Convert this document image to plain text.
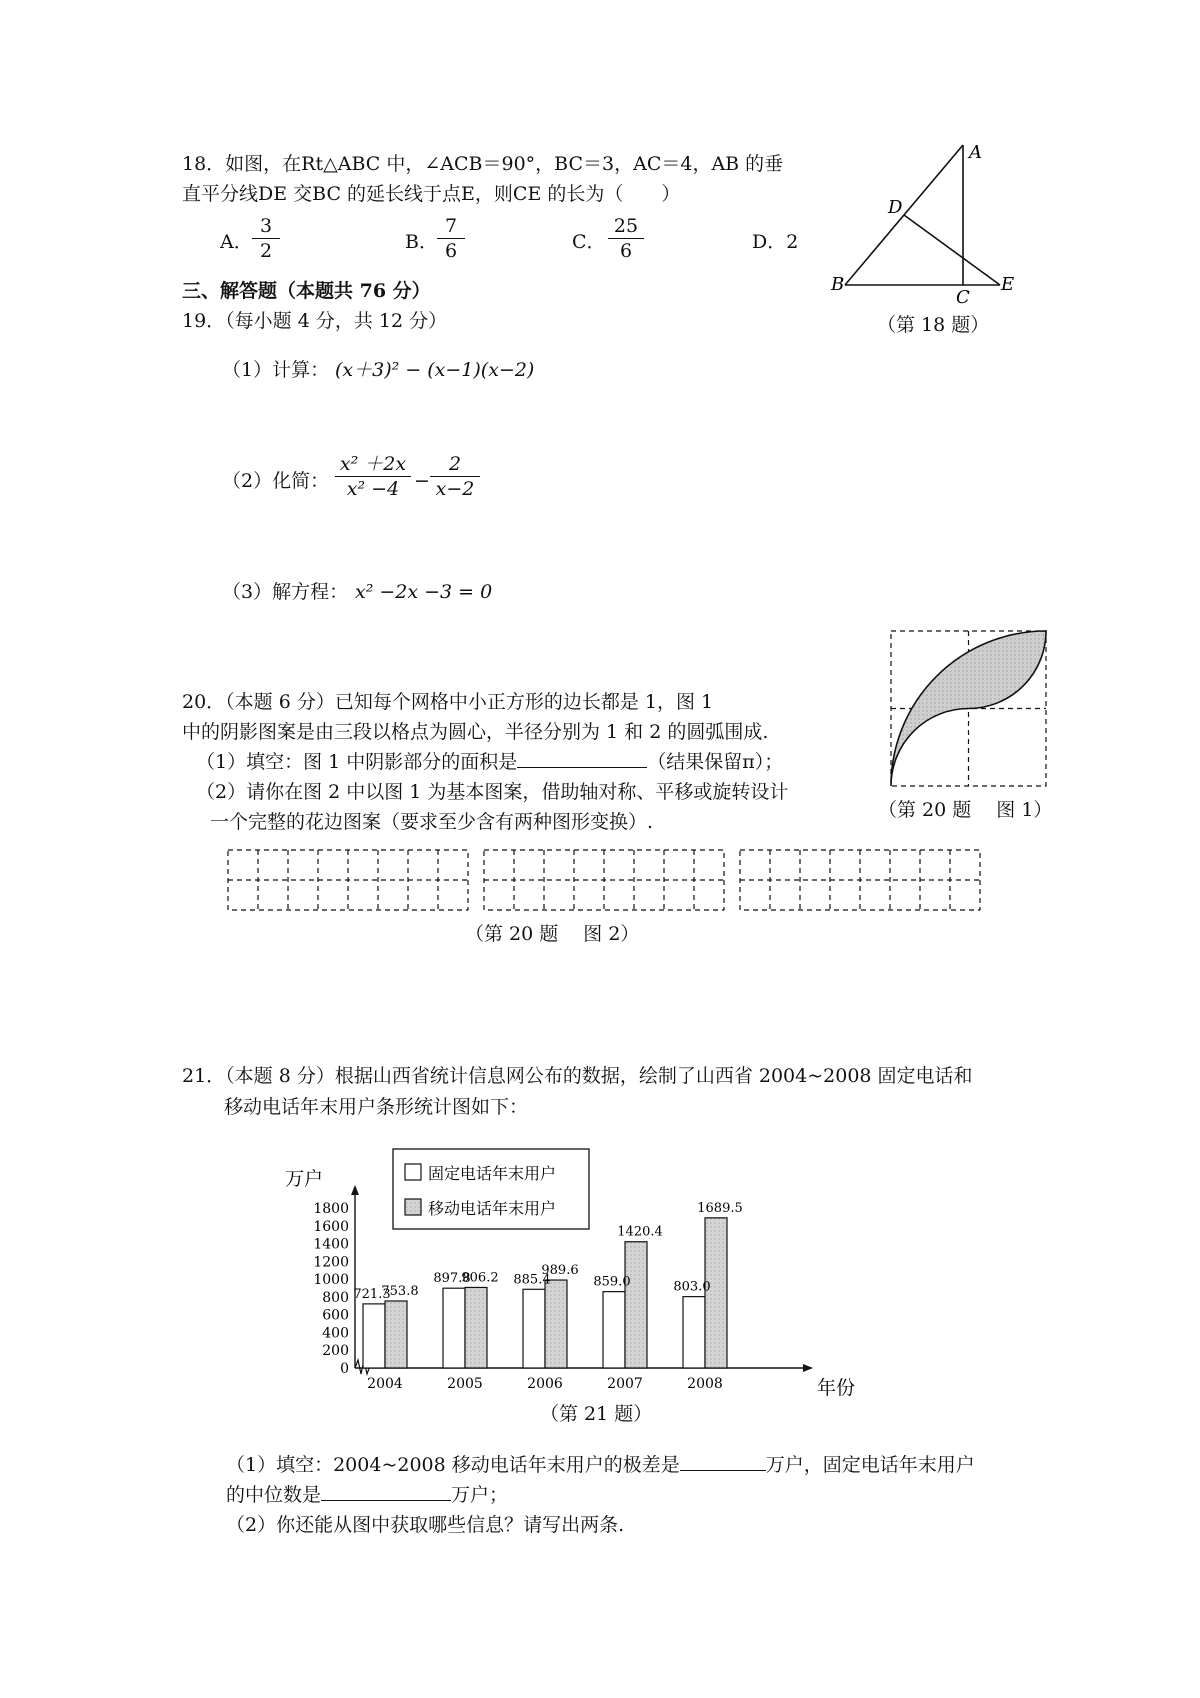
18．如图，在Rt△ABC 中，∠ACB＝90°，BC＝3，AC＝4，AB 的垂
直平分线DE 交BC 的延长线于点E，则CE 的长为（　　）
A．
3
2	B．
7
6	C．
25
6	D．2
A
B
C
D
E
（第 18 题）
三、解答题（本题共 76 分）
19．（每小题 4 分，共 12 分）
（1）计算： (x＋3)² − (x−1)(x−2)
（2）化简：
x² ＋2x
x² −4 −
2
x−2
（3）解方程： x² −2x −3 = 0
20．（本题 6 分）已知每个网格中小正方形的边长都是 1，图 1
中的阴影图案是由三段以格点为圆心，半径分别为 1 和 2 的圆弧围成.
（1）填空：图 1 中阴影部分的面积是	（结果保留π）；
（2）请你在图 2 中以图 1 为基本图案，借助轴对称、平移或旋转设计
一个完整的花边图案（要求至少含有两种图形变换）.
（第 20 题　 图 1）
（第 20 题　 图 2）
21．（本题 8 分）根据山西省统计信息网公布的数据，绘制了山西省 2004~2008 固定电话和
移动电话年末用户条形统计图如下：
万户
年份
0
200
400
600
800
1000
1200
1400
1600
1800
2004
721.3
753.8
2005
897.8
906.2
2006
885.4
989.6
2007
859.0
1420.4
2008
803.0
1689.5
固定电话年末用户
移动电话年末用户
（第 21 题）
（1）填空：2004~2008 移动电话年末用户的极差是	万户，固定电话年末用户
的中位数是	万户；
（2）你还能从图中获取哪些信息？请写出两条.
